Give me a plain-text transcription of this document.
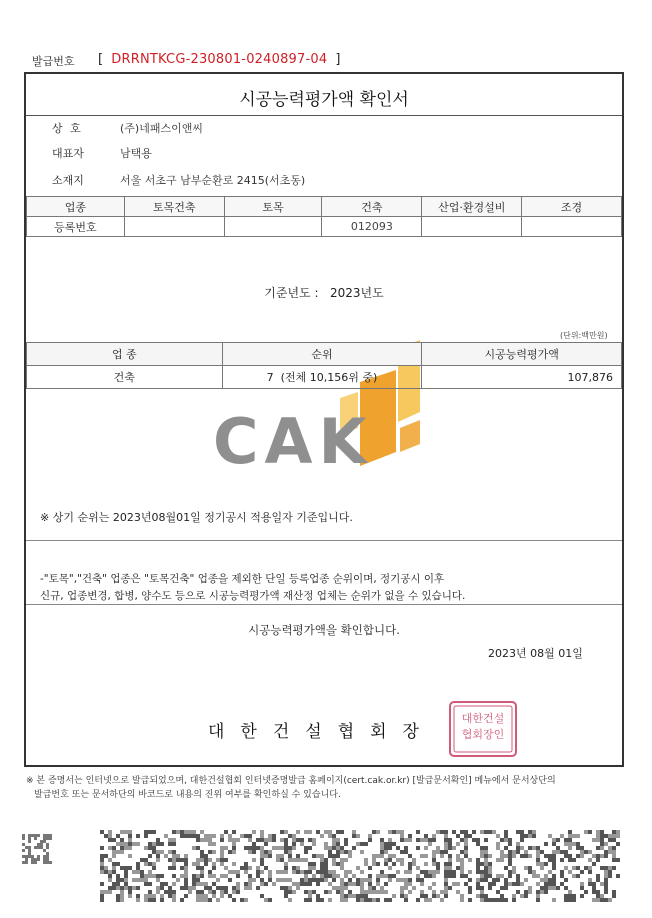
발급번호	[ DRRNTKCG-230801-0240897-04 ]
시공능력평가액 확인서
상 호	(주)네패스이앤씨
대표자	남택용
소재지	서울 서초구 남부순환로 2415(서초동)
업종	토목건축	토목	건축	산업·환경설비	조경
등록번호			012093		
기준년도 : 2023년도
(단위:백만원)
업 종	순위	시공능력평가액
건축	7 (전체 10,156위 중)	107,876
CAK
※ 상기 순위는 2023년08월01일 정기공시 적용일자 기준입니다.
-"토목","건축" 업종은 "토목건축" 업종을 제외한 단일 등록업종 순위이며, 정기공시 이후
신규, 업종변경, 합병, 양수도 등으로 시공능력평가액 재산정 업체는 순위가 없을 수 있습니다.
시공능력평가액을 확인합니다.
2023년 08월 01일
대한건설협회장
대한건설
협회장인
※ 본 증명서는 인터넷으로 발급되었으며, 대한건설협회 인터넷증명발급 홈페이지(cert.cak.or.kr) [발급문서확인] 메뉴에서 문서상단의
발급번호 또는 문서하단의 바코드로 내용의 진위 여부를 확인하실 수 있습니다.
